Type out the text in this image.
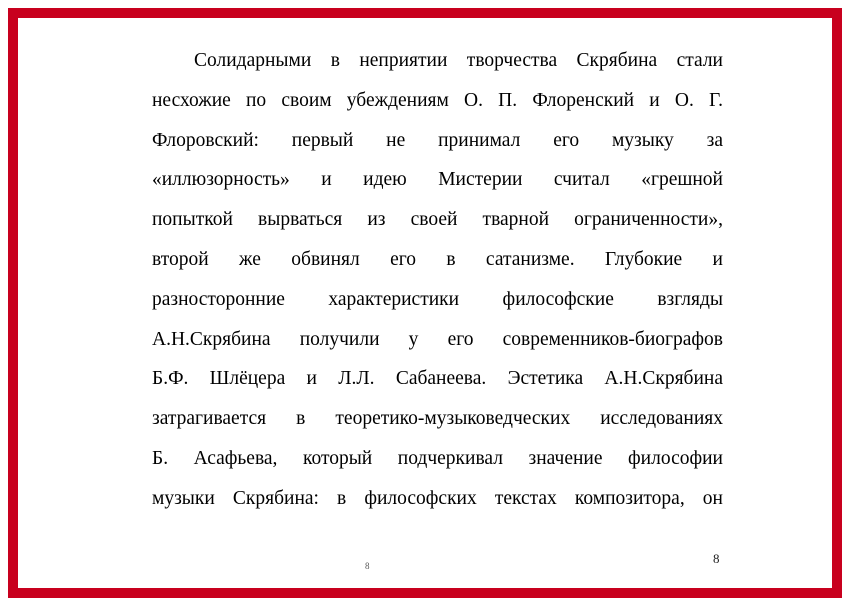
Солидарными в неприятии творчества Скрябина стали
несхожие по своим убеждениям О. П. Флоренский и О. Г.
Флоровский: первый не принимал его музыку за
«иллюзорность» и идею Мистерии считал «грешной
попыткой вырваться из своей тварной ограниченности»,
второй же обвинял его в сатанизме. Глубокие и
разносторонние характеристики философские взгляды
А.Н.Скрябина получили у его современников-биографов
Б.Ф. Шлёцера и Л.Л. Сабанеева. Эстетика А.Н.Скрябина
затрагивается в теоретико-музыковедческих исследованиях
Б. Асафьева, который подчеркивал значение философии
музыки Скрябина: в философских текстах композитора, он
8	8
